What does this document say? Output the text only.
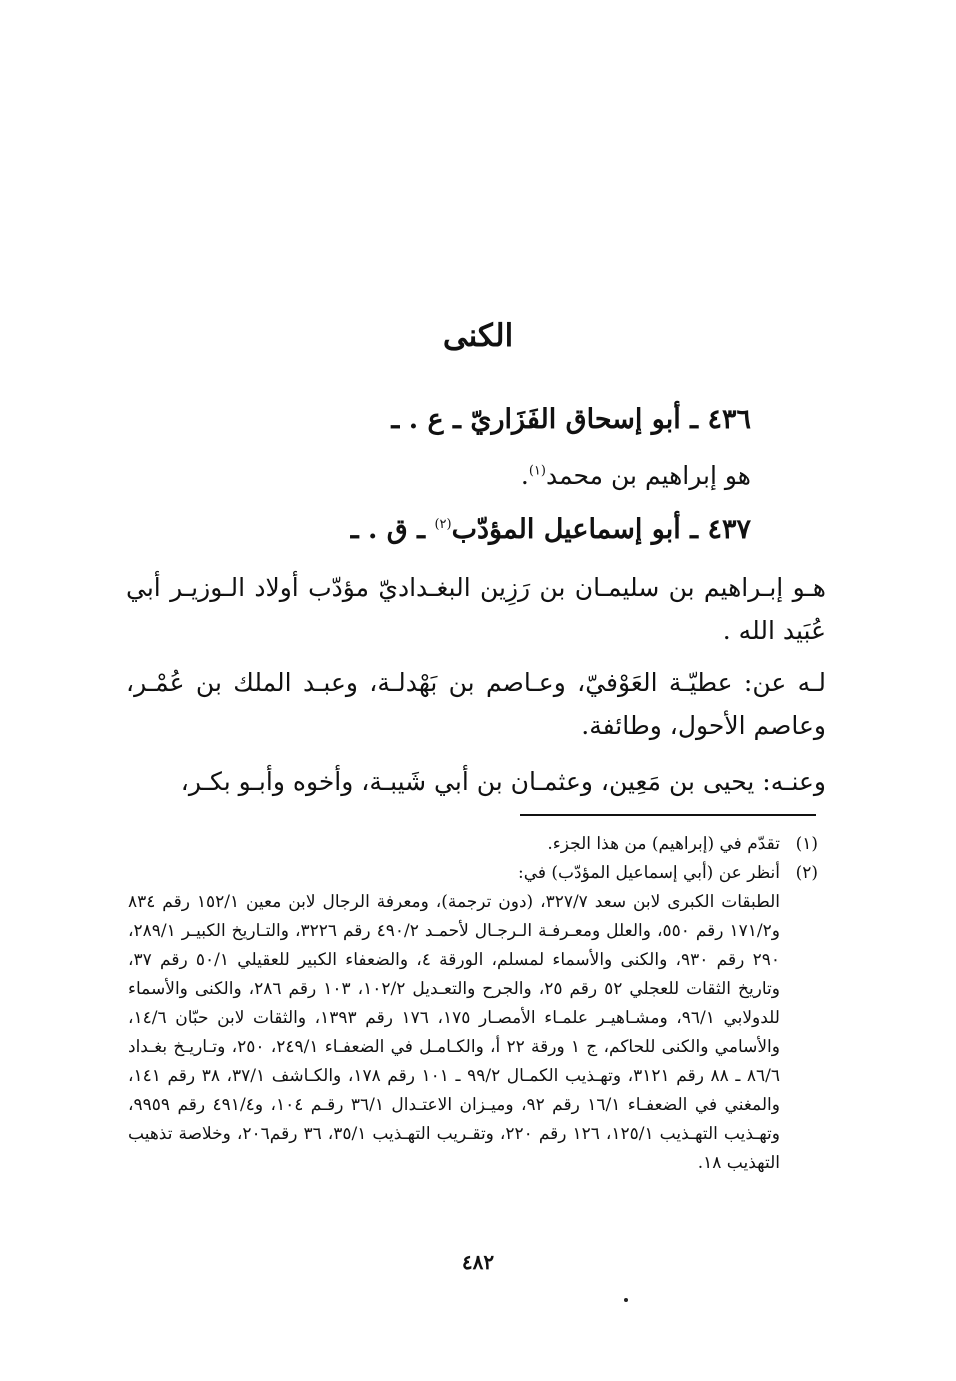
الكنى
٤٣٦ ـ أبو إسحاق الفَزَاريّ ـ ع . ـ
هو إبراهيم بن محمد$^{(١)}$.
٤٣٧ ـ أبو إسماعيل المؤدّب$^{(٢)}$ ـ ق . ـ

هـو إبـراهيم بن سليمـان بن رَزِين البغـداديّ مؤدّب أولاد الـوزيـر أبي عُبَيد الله .

لـه عن: عطيّـة العَوْفيّ، وعـاصم بن بَهْدلـة، وعبـد الملك بن عُمْـر، وعاصم الأحول، وطائفة.

وعنـه: يحيى بن مَعِين، وعثمـان بن أبي شَيبـة، وأخوه وأبـو بكـر،

(١)تقدّم في (إبراهيم) من هذا الجزء.
(٢)أنظر عن (أبي إسماعيل المؤدّب) في:
الطبقات الكبرى لابن سعد ٣٢٧/٧، (دون ترجمة)، ومعرفة الرجال لابن معين ١٥٢/١ رقم ٨٣٤ و١٧١/٢ رقم ٥٥٠، والعلل ومعـرفـة الـرجـال لأحمـد ٤٩٠/٢ رقم ٣٢٢٦، والتـاريخ الكبيـر ٢٨٩/١، ٢٩٠ رقم ٩٣٠، والكنى والأسماء لمسلم، الورقة ٤، والضعفاء الكبير للعقيلي ٥٠/١ رقم ٣٧، وتاريخ الثقات للعجلي ٥٢ رقم ٢٥، والجرح والتعـديل ١٠٢/٢، ١٠٣ رقم ٢٨٦، والكنى والأسماء للدولابي ٩٦/١، ومشـاهيـر علمـاء الأمصـار ١٧٥، ١٧٦ رقم ١٣٩٣، والثقات لابن حبّان ١٤/٦، والأسامي والكنى للحاكم، ج ١ ورقة ٢٢ أ، والكـامـل في الضعفـاء ٢٤٩/١، ٢٥٠، وتـاريـخ بغـداد ٨٦/٦ ـ ٨٨ رقم ٣١٢١، وتهـذيب الكمـال ٩٩/٢ ـ ١٠١ رقم ١٧٨، والكـاشف ٣٧/١، ٣٨ رقم ١٤١، والمغني في الضعفـاء ١٦/١ رقم ٩٢، وميـزان الاعتـدال ٣٦/١ رقـم ١٠٤، و٤٩١/٤ رقم ٩٩٥٩، وتهـذيب التهـذيب ١٢٥/١، ١٢٦ رقم ٢٢٠، وتقـريب التهـذيب ٣٥/١، ٣٦ رقم٢٠٦، وخلاصة تذهيب التهذيب ١٨.
٤٨٢
